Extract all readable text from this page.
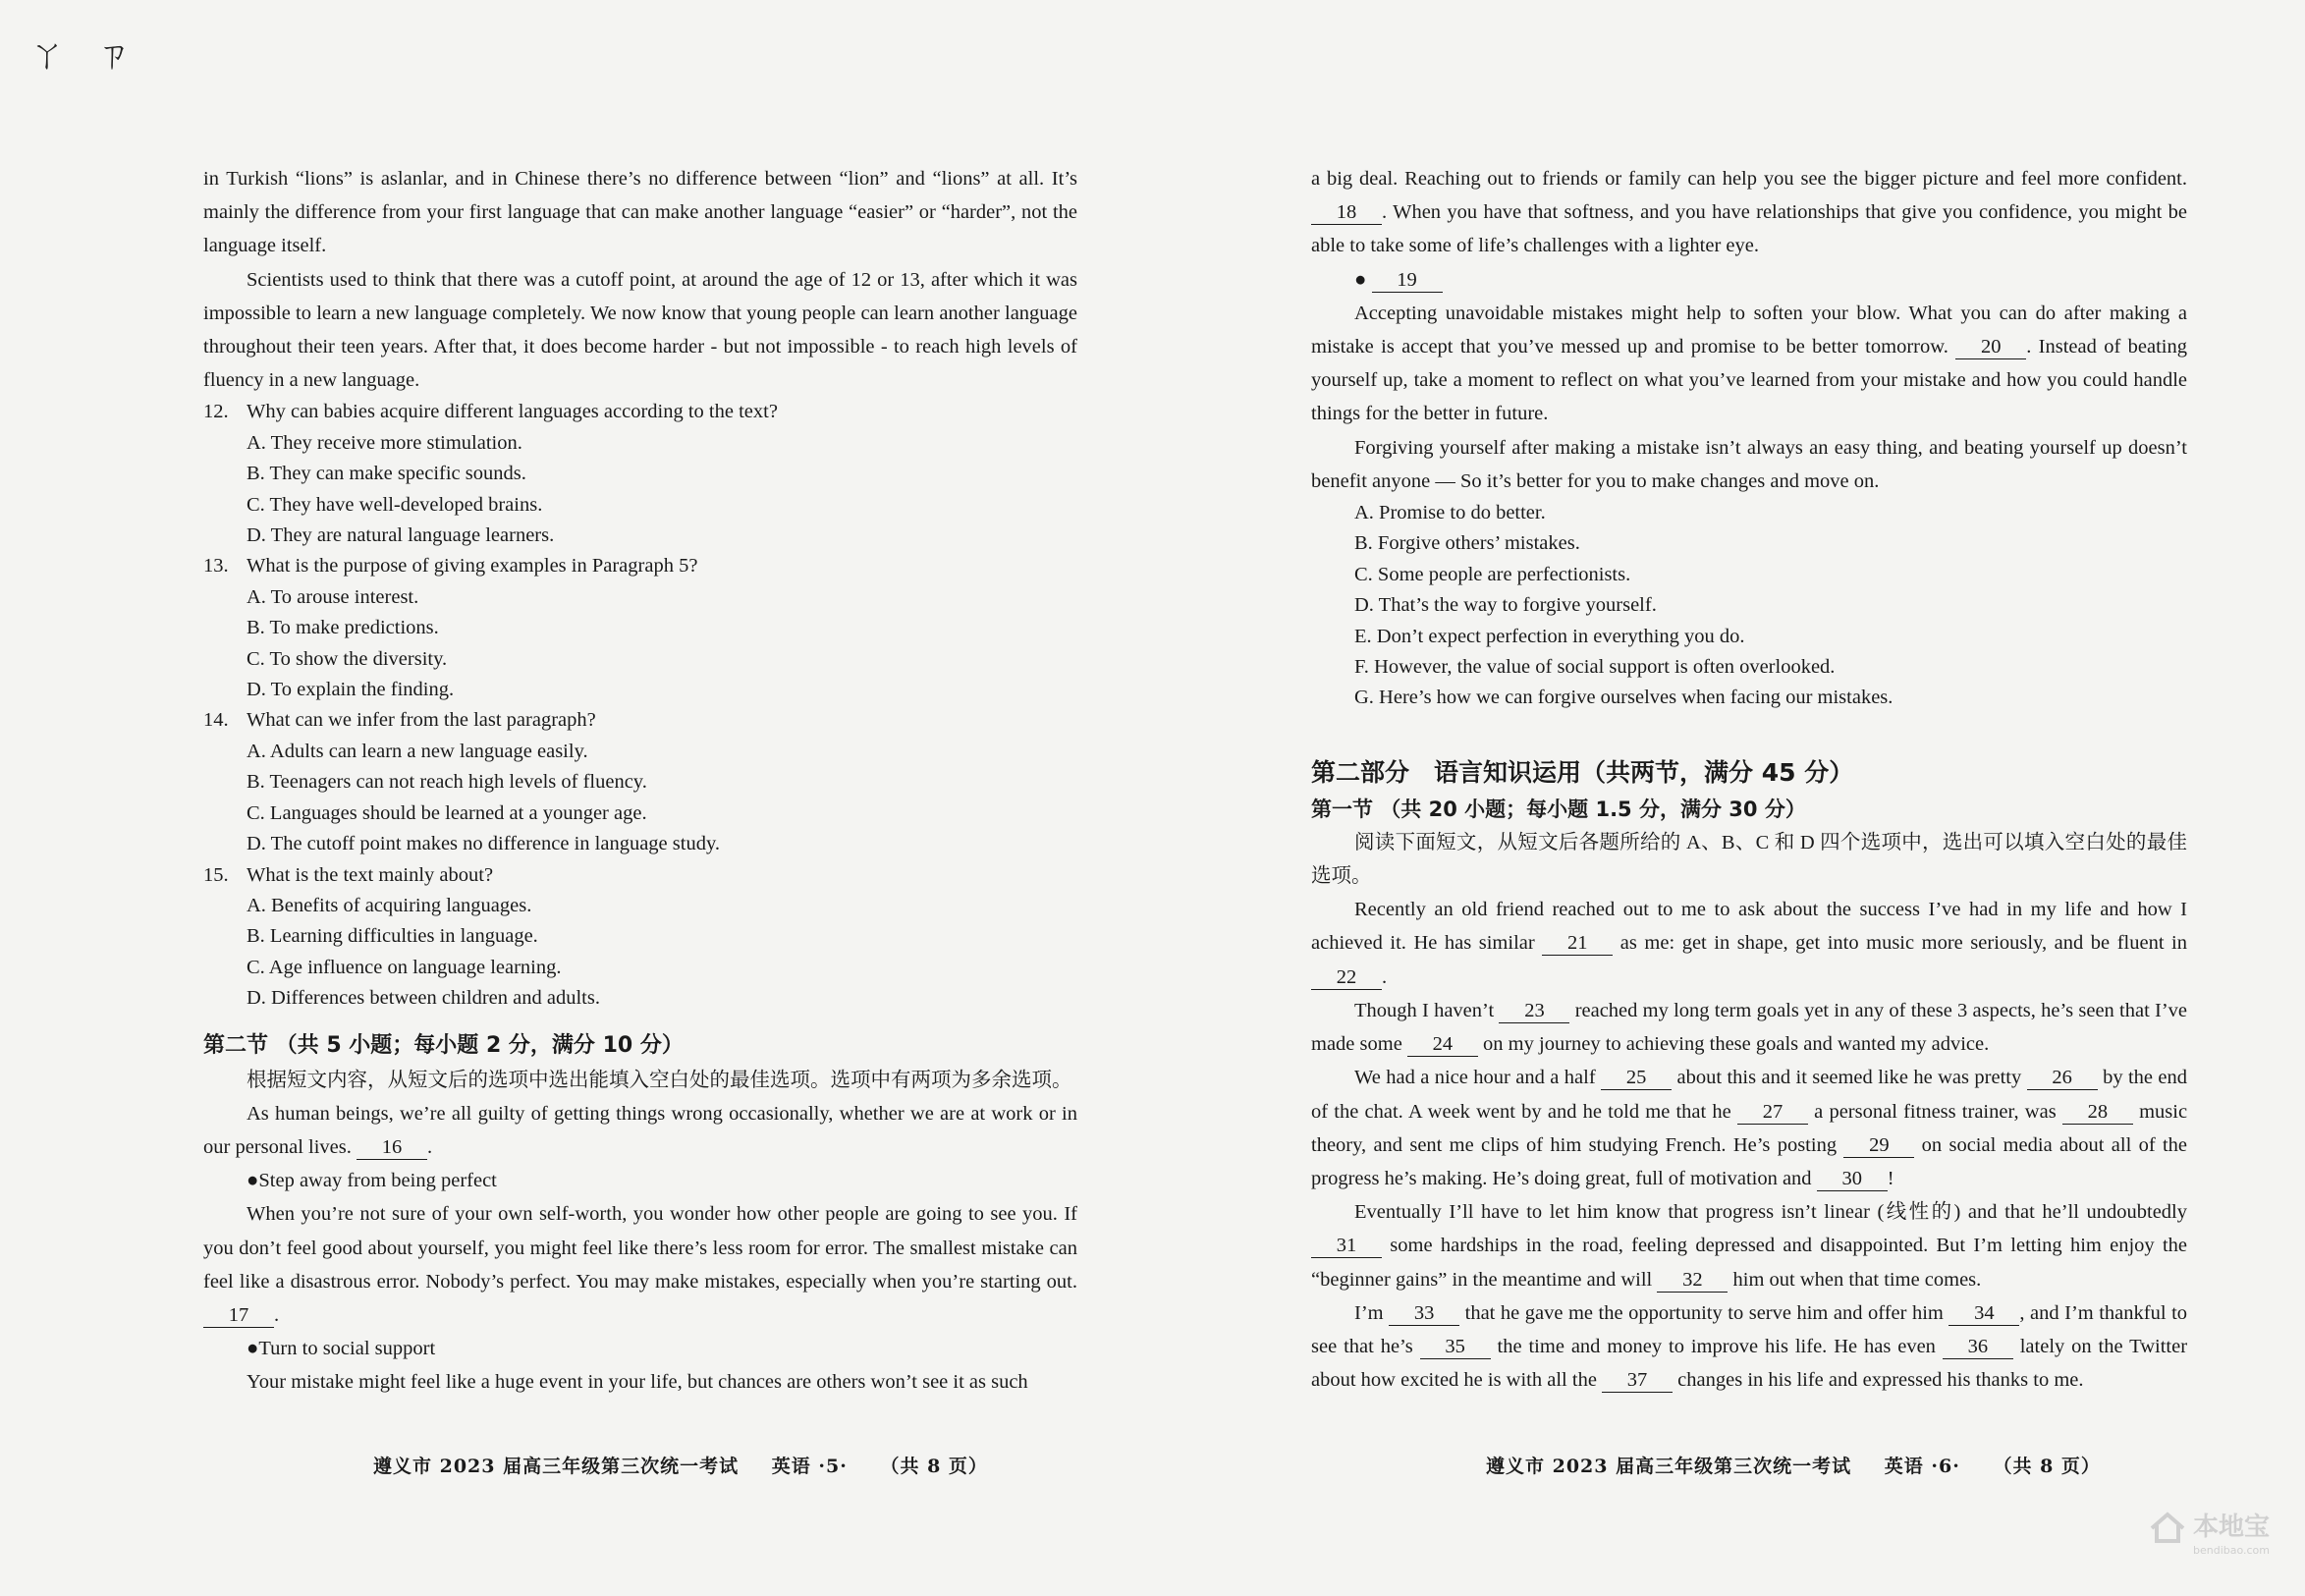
ㄚ ㄗ

in Turkish “lions” is aslanlar, and in Chinese there’s no difference between “lion” and “lions” at all. It’s mainly the difference from your first language that can make another language “easier” or “harder”, not the language itself.

Scientists used to think that there was a cutoff point, at around the age of 12 or 13, after which it was impossible to learn a new language completely. We now know that young people can learn another language throughout their teen years. After that, it does become harder - but not impossible - to reach high levels of fluency in a new language.

12. Why can babies acquire different languages according to the text?

A. They receive more stimulation.

B. They can make specific sounds.

C. They have well-developed brains.

D. They are natural language learners.

13. What is the purpose of giving examples in Paragraph 5?

A. To arouse interest.

B. To make predictions.

C. To show the diversity.

D. To explain the finding.

14. What can we infer from the last paragraph?

A. Adults can learn a new language easily.

B. Teenagers can not reach high levels of fluency.

C. Languages should be learned at a younger age.

D. The cutoff point makes no difference in language study.

15. What is the text mainly about?

A. Benefits of acquiring languages.

B. Learning difficulties in language.

C. Age influence on language learning.

D. Differences between children and adults.

第二节 （共 5 小题；每小题 2 分，满分 10 分）

根据短文内容，从短文后的选项中选出能填入空白处的最佳选项。选项中有两项为多余选项。

As human beings, we’re all guilty of getting things wrong occasionally, whether we are at work or in our personal lives. 16 .

●Step away from being perfect

When you’re not sure of your own self-worth, you wonder how other people are going to see you. If you don’t feel good about yourself, you might feel like there’s less room for error. The smallest mistake can feel like a disastrous error. Nobody’s perfect. You may make mistakes, especially when you’re starting out. 17 .

●Turn to social support

Your mistake might feel like a huge event in your life, but chances are others won’t see it as such

遵义市 2023 届高三年级第三次统一考试 英语 ·5· （共 8 页）

a big deal. Reaching out to friends or family can help you see the bigger picture and feel more confident. 18 . When you have that softness, and you have relationships that give you confidence, you might be able to take some of life’s challenges with a lighter eye.

● 19

Accepting unavoidable mistakes might help to soften your blow. What you can do after making a mistake is accept that you’ve messed up and promise to be better tomorrow. 20 . Instead of beating yourself up, take a moment to reflect on what you’ve learned from your mistake and how you could handle things for the better in future.

Forgiving yourself after making a mistake isn’t always an easy thing, and beating yourself up doesn’t benefit anyone — So it’s better for you to make changes and move on.

A. Promise to do better.

B. Forgive others’ mistakes.

C. Some people are perfectionists.

D. That’s the way to forgive yourself.

E. Don’t expect perfection in everything you do.

F. However, the value of social support is often overlooked.

G. Here’s how we can forgive ourselves when facing our mistakes.

第二部分　语言知识运用（共两节，满分 45 分）

第一节 （共 20 小题；每小题 1.5 分，满分 30 分）

阅读下面短文，从短文后各题所给的 A、B、C 和 D 四个选项中，选出可以填入空白处的最佳选项。

Recently an old friend reached out to me to ask about the success I’ve had in my life and how I achieved it. He has similar 21 as me: get in shape, get into music more seriously, and be fluent in 22 .

Though I haven’t 23 reached my long term goals yet in any of these 3 aspects, he’s seen that I’ve made some 24 on my journey to achieving these goals and wanted my advice.

We had a nice hour and a half 25 about this and it seemed like he was pretty 26 by the end of the chat. A week went by and he told me that he 27 a personal fitness trainer, was 28 music theory, and sent me clips of him studying French. He’s posting 29 on social media about all of the progress he’s making. He’s doing great, full of motivation and 30 !

Eventually I’ll have to let him know that progress isn’t linear (线性的) and that he’ll undoubtedly 31 some hardships in the road, feeling depressed and disappointed. But I’m letting him enjoy the “beginner gains” in the meantime and will 32 him out when that time comes.

I’m 33 that he gave me the opportunity to serve him and offer him 34 , and I’m thankful to see that he’s 35 the time and money to improve his life. He has even 36 lately on the Twitter about how excited he is with all the 37 changes in his life and expressed his thanks to me.

遵义市 2023 届高三年级第三次统一考试 英语 ·6· （共 8 页）
本地宝
bendibao.com
